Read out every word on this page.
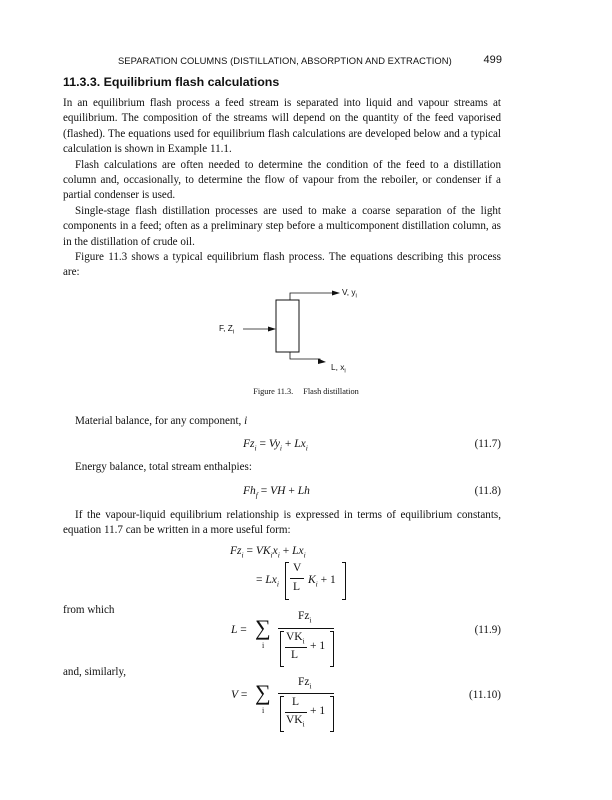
SEPARATION COLUMNS (DISTILLATION, ABSORPTION AND EXTRACTION)	499
11.3.3. Equilibrium flash calculations

In an equilibrium flash process a feed stream is separated into liquid and vapour streams at equilibrium. The composition of the streams will depend on the quantity of the feed vaporised (flashed). The equations used for equilibrium flash calculations are developed below and a typical calculation is shown in Example 11.1.

Flash calculations are often needed to determine the condition of the feed to a distillation column and, occasionally, to determine the flow of vapour from the reboiler, or condenser if a partial condenser is used.

Single-stage flash distillation processes are used to make a coarse separation of the light components in a feed; often as a preliminary step before a multicomponent distillation column, as in the distillation of crude oil.

Figure 11.3 shows a typical equilibrium flash process. The equations describing this process are:

V, $y_i$
F, $Z_i$
L, $x_i$
Figure 11.3. Flash distillation
Material balance, for any component, i
$Fz_i = Vy_i + Lx_i$	(11.7)
Energy balance, total stream enthalpies:
$Fh_f$ = VH + Lh	(11.8)
If the vapour-liquid equilibrium relationship is expressed in terms of equilibrium constants, equation 11.7 can be written in a more useful form:
$Fz_i = VK_ix_i + Lx_i$
= $Lx_i$
V
L
$K_i + 1$
from which
L = ∑
i
$Fz_i$
$VK_i$
L
+ 1
(11.9)
and, similarly,
V = ∑
i
$Fz_i$
L
$VK_i$
+ 1
(11.10)
